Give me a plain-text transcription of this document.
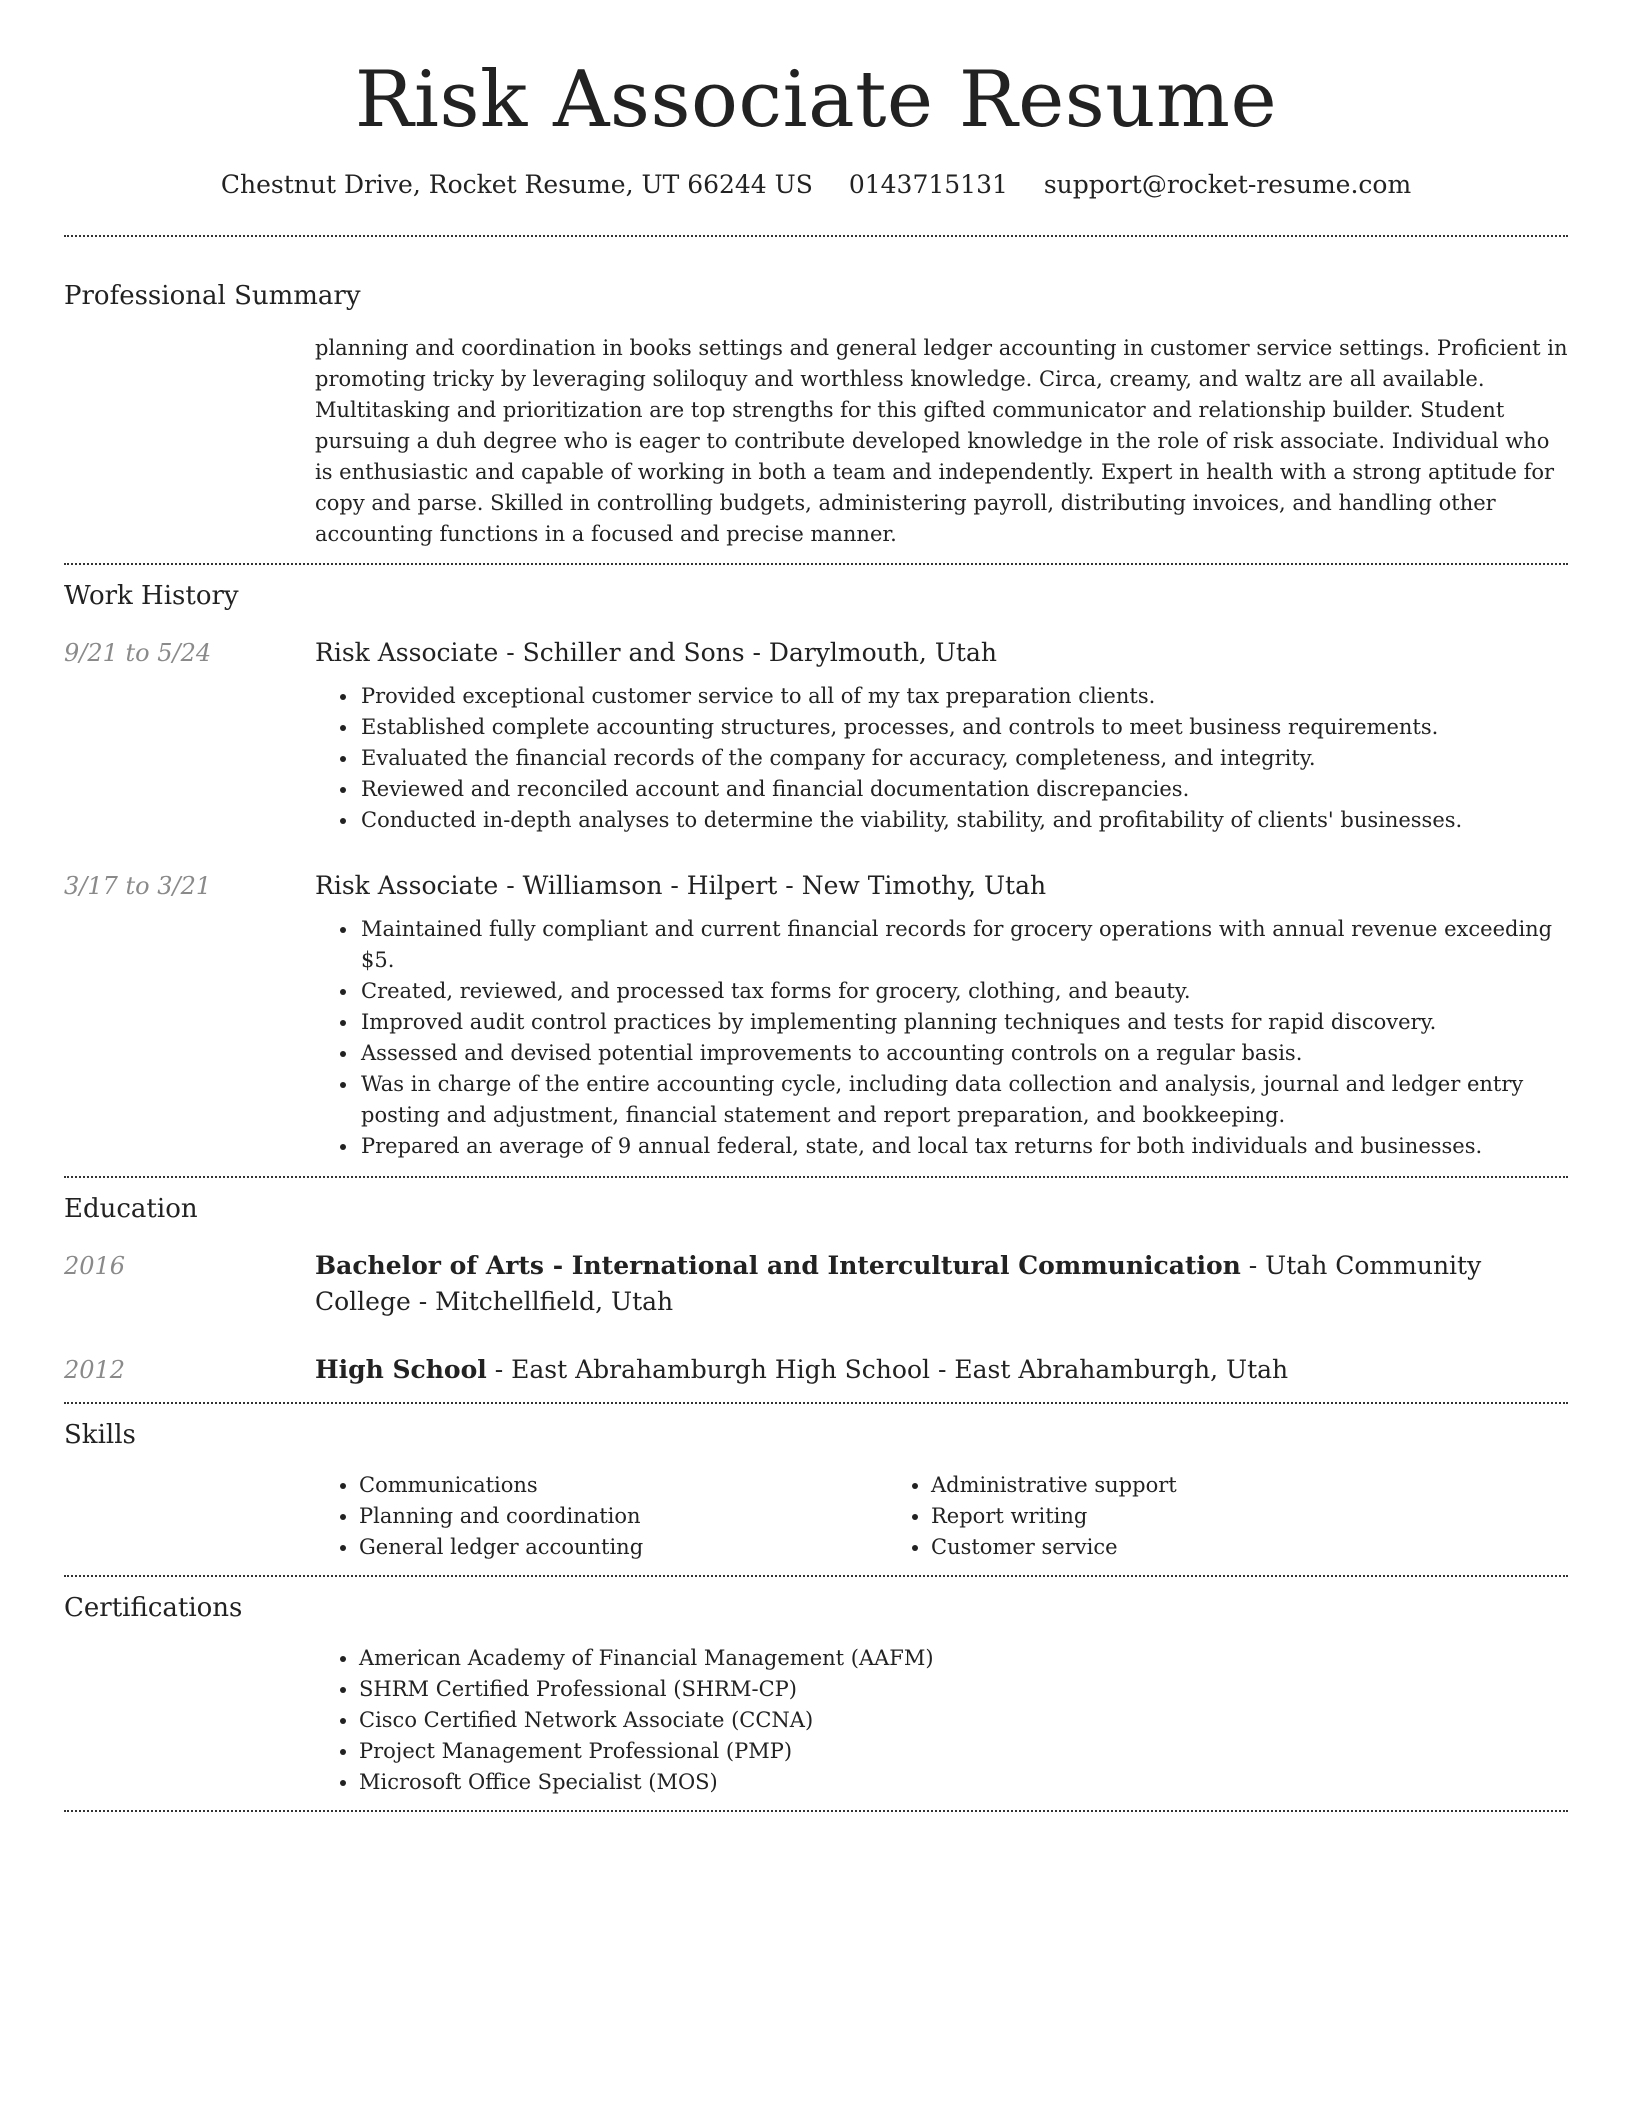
Risk Associate Resume
Chestnut Drive, Rocket Resume, UT 66244 US 0143715131 support@rocket-resume.com
Professional Summary

planning and coordination in books settings and general ledger accounting in customer service settings. Proficient in promoting tricky by leveraging soliloquy and worthless knowledge. Circa, creamy, and waltz are all available. Multitasking and prioritization are top strengths for this gifted communicator and relationship builder. Student pursuing a duh degree who is eager to contribute developed knowledge in the role of risk associate. Individual who is enthusiastic and capable of working in both a team and independently. Expert in health with a strong aptitude for copy and parse. Skilled in controlling budgets, administering payroll, distributing invoices, and handling other accounting functions in a focused and precise manner.

Work History
9/21 to 5/24	Risk Associate - Schiller and Sons - Darylmouth, Utah
• Provided exceptional customer service to all of my tax preparation clients.
• Established complete accounting structures, processes, and controls to meet business requirements.
• Evaluated the financial records of the company for accuracy, completeness, and integrity.
• Reviewed and reconciled account and financial documentation discrepancies.
• Conducted in-depth analyses to determine the viability, stability, and profitability of clients' businesses.
3/17 to 3/21	Risk Associate - Williamson - Hilpert - New Timothy, Utah
• Maintained fully compliant and current financial records for grocery operations with annual revenue exceeding $5.
• Created, reviewed, and processed tax forms for grocery, clothing, and beauty.
• Improved audit control practices by implementing planning techniques and tests for rapid discovery.
• Assessed and devised potential improvements to accounting controls on a regular basis.
• Was in charge of the entire accounting cycle, including data collection and analysis, journal and ledger entry posting and adjustment, financial statement and report preparation, and bookkeeping.
• Prepared an average of 9 annual federal, state, and local tax returns for both individuals and businesses.
Education
2016	Bachelor of Arts - International and Intercultural Communication - Utah Community College - Mitchellfield, Utah
2012	High School - East Abrahamburgh High School - East Abrahamburgh, Utah
Skills
• Communications
• Planning and coordination
• General ledger accounting
• Administrative support
• Report writing
• Customer service
Certifications
• American Academy of Financial Management (AAFM)
• SHRM Certified Professional (SHRM-CP)
• Cisco Certified Network Associate (CCNA)
• Project Management Professional (PMP)
• Microsoft Office Specialist (MOS)
